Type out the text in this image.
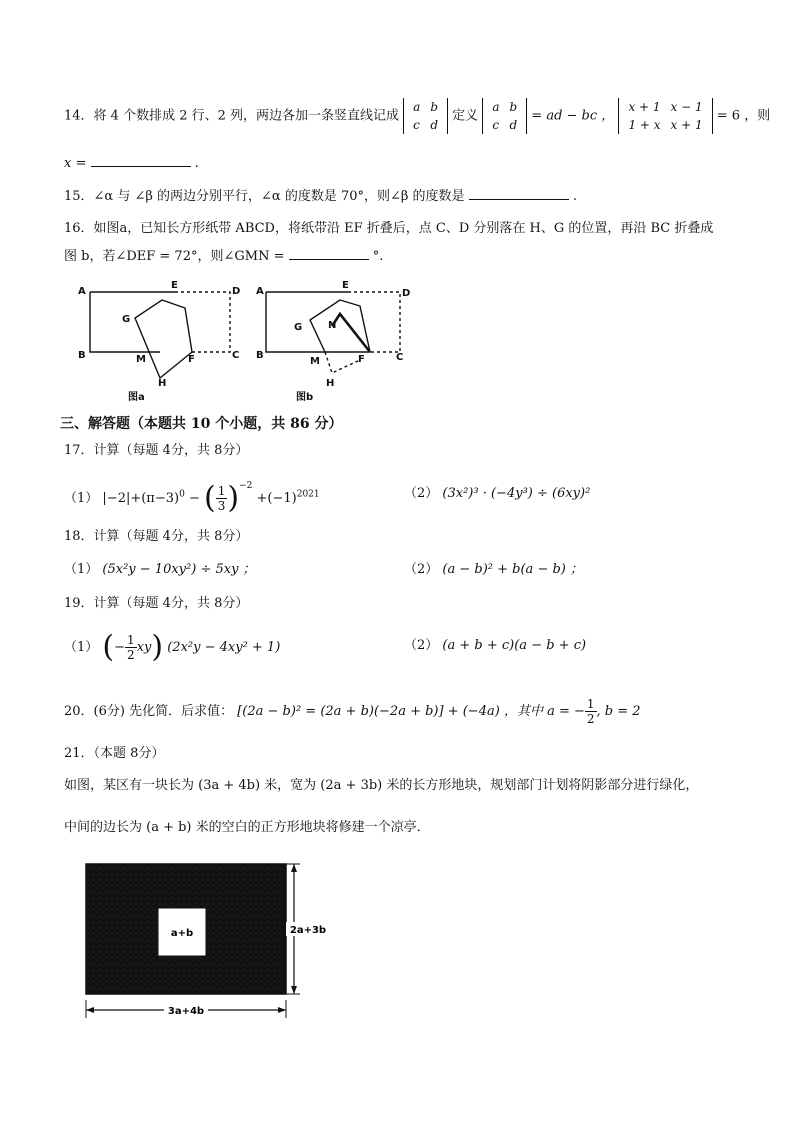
14．将 4 个数排成 2 行、2 列，两边各加一条竖直线记成
a	b
c	d
定义
a	b
c	d
= ad − bc ，
x + 1	x − 1
1 + x	x + 1
= 6 ，则
x =	.
15．∠α 与 ∠β 的两边分别平行，∠α 的度数是 70°，则∠β 的度数是	.
16．如图a，已知长方形纸带 ABCD，将纸带沿 EF 折叠后，点 C、D 分别落在 H、G 的位置，再沿 BC 折叠成
图 b，若∠DEF = 72°，则∠GMN =	°.
A
B	C
D
E
F
G
H
M
A
B	C
D
E
F
G
H
M
N
图a	图b
三、解答题（本题共 10 个小题，共 86 分）
17．计算（每题 4分，共 8分）
（1） $|-2|+(\pi-3)^0$ − ( $\frac{1}{3} )^{-2} +(-1)^{2021}$	（2） (3x²)³ · (−4y³) ÷ (6xy)²
18．计算（每题 4分，共 8分）
（1） (5x²y − 10xy²) ÷ 5xy ；	（2） (a − b)² + b(a − b) ；
19．计算（每题 4分，共 8分）
（1） (− $\frac{1}{2} xy$) (2x²y − 4xy² + 1)	（2） (a + b + c)(a − b + c)
20．(6分) 先化简．后求值： [(2a − b)² = (2a + b)(−2a + b)] + (−4a) ，其中 a = − $\frac{1}{2}$ , b = 2
21．（本题 8分）
如图，某区有一块长为 (3a + 4b) 米，宽为 (2a + 3b) 米的长方形地块，规划部门计划将阴影部分进行绿化，
中间的边长为 (a + b) 米的空白的正方形地块将修建一个凉亭．
a+b	2a+3b
3a+4b
